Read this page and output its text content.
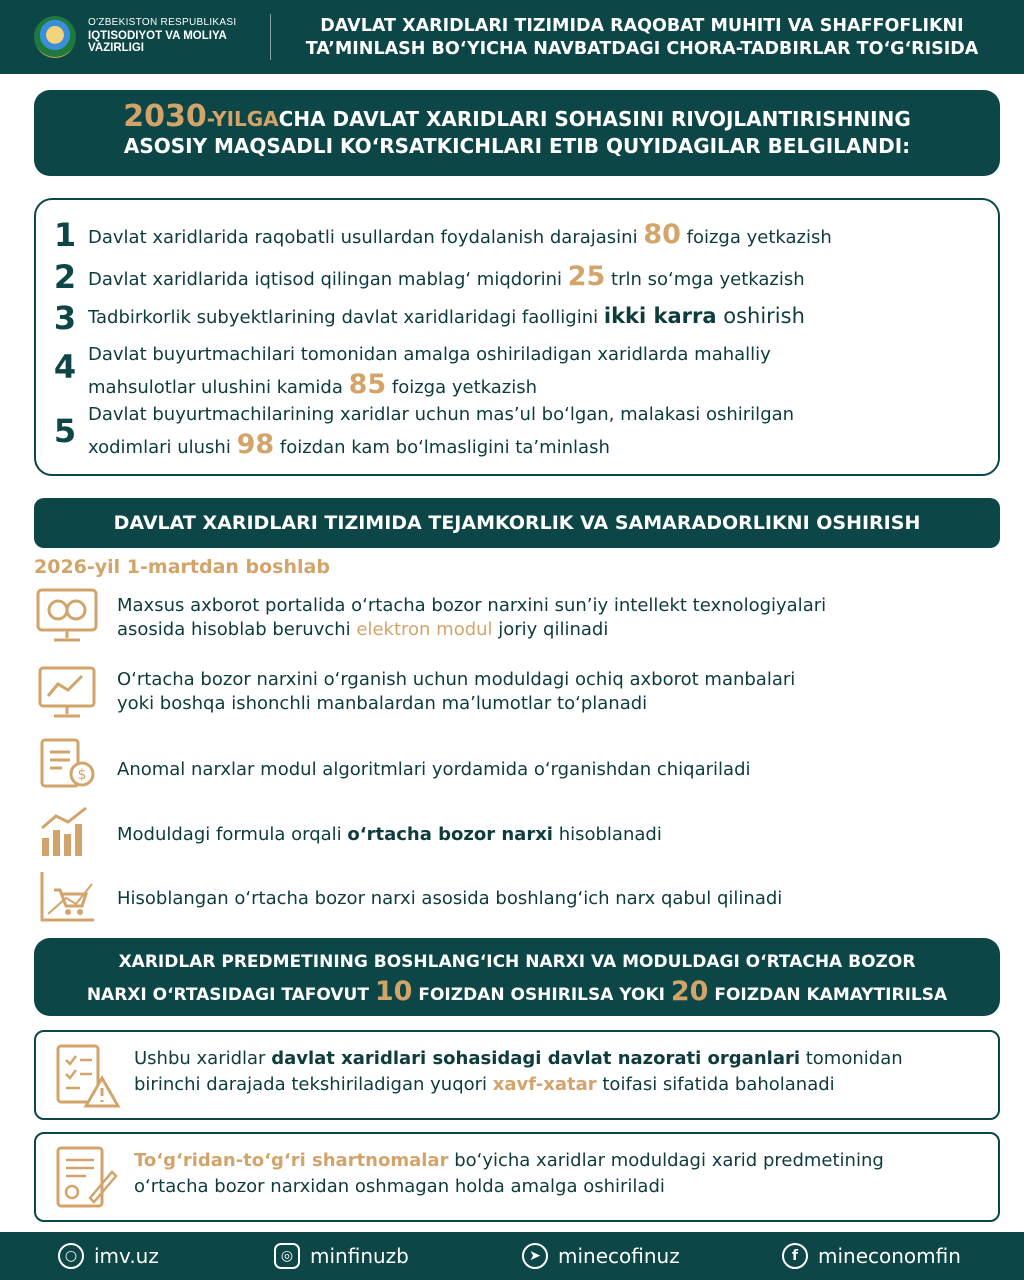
O'ZBEKISTON RESPUBLIKASI
IQTISODIYOT VA MOLIYA
VAZIRLIGI
DAVLAT XARIDLARI TIZIMIDA RAQOBAT MUHITI VA SHAFFOFLIKNI
TA’MINLASH BO‘YICHA NAVBATDAGI CHORA-TADBIRLAR TO‘G‘RISIDA
2030-YILGACHA DAVLAT XARIDLARI SOHASINI RIVOJLANTIRISHNING
ASOSIY MAQSADLI KO‘RSATKICHLARI ETIB QUYIDAGILAR BELGILANDI:
1 Davlat xaridlarida raqobatli usullardan foydalanish darajasini 80 foizga yetkazish
2 Davlat xaridlarida iqtisod qilingan mablag‘ miqdorini 25 trln so‘mga yetkazish
3 Tadbirkorlik subyektlarining davlat xaridlaridagi faolligini ikki karra oshirish
4 Davlat buyurtmachilari tomonidan amalga oshiriladigan xaridlarda mahalliy
mahsulotlar ulushini kamida 85 foizga yetkazish
5 Davlat buyurtmachilarining xaridlar uchun mas’ul bo‘lgan, malakasi oshirilgan
xodimlari ulushi 98 foizdan kam bo‘lmasligini ta’minlash
DAVLAT XARIDLARI TIZIMIDA TEJAMKORLIK VA SAMARADORLIKNI OSHIRISH
2026-yil 1-martdan boshlab
Maxsus axborot portalida o‘rtacha bozor narxini sun’iy intellekt texnologiyalari
asosida hisoblab beruvchi elektron modul joriy qilinadi
O‘rtacha bozor narxini o‘rganish uchun moduldagi ochiq axborot manbalari
yoki boshqa ishonchli manbalardan ma’lumotlar to‘planadi
$ Anomal narxlar modul algoritmlari yordamida o‘rganishdan chiqariladi
Moduldagi formula orqali o‘rtacha bozor narxi hisoblanadi
Hisoblangan o‘rtacha bozor narxi asosida boshlang‘ich narx qabul qilinadi
XARIDLAR PREDMETINING BOSHLANG‘ICH NARXI VA MODULDAGI O‘RTACHA BOZOR
NARXI O‘RTASIDAGI TAFOVUT 10 FOIZDAN OSHIRILSA YOKI 20 FOIZDAN KAMAYTIRILSA
Ushbu xaridlar davlat xaridlari sohasidagi davlat nazorati organlari tomonidan
birinchi darajada tekshiriladigan yuqori xavf-xatar toifasi sifatida baholanadi
To‘g‘ridan-to‘g‘ri shartnomalar bo‘yicha xaridlar moduldagi xarid predmetining
o‘rtacha bozor narxidan oshmagan holda amalga oshiriladi
○ imv.uz	◎ minfinuzb	➤ minecofinuz	f mineconomfin
